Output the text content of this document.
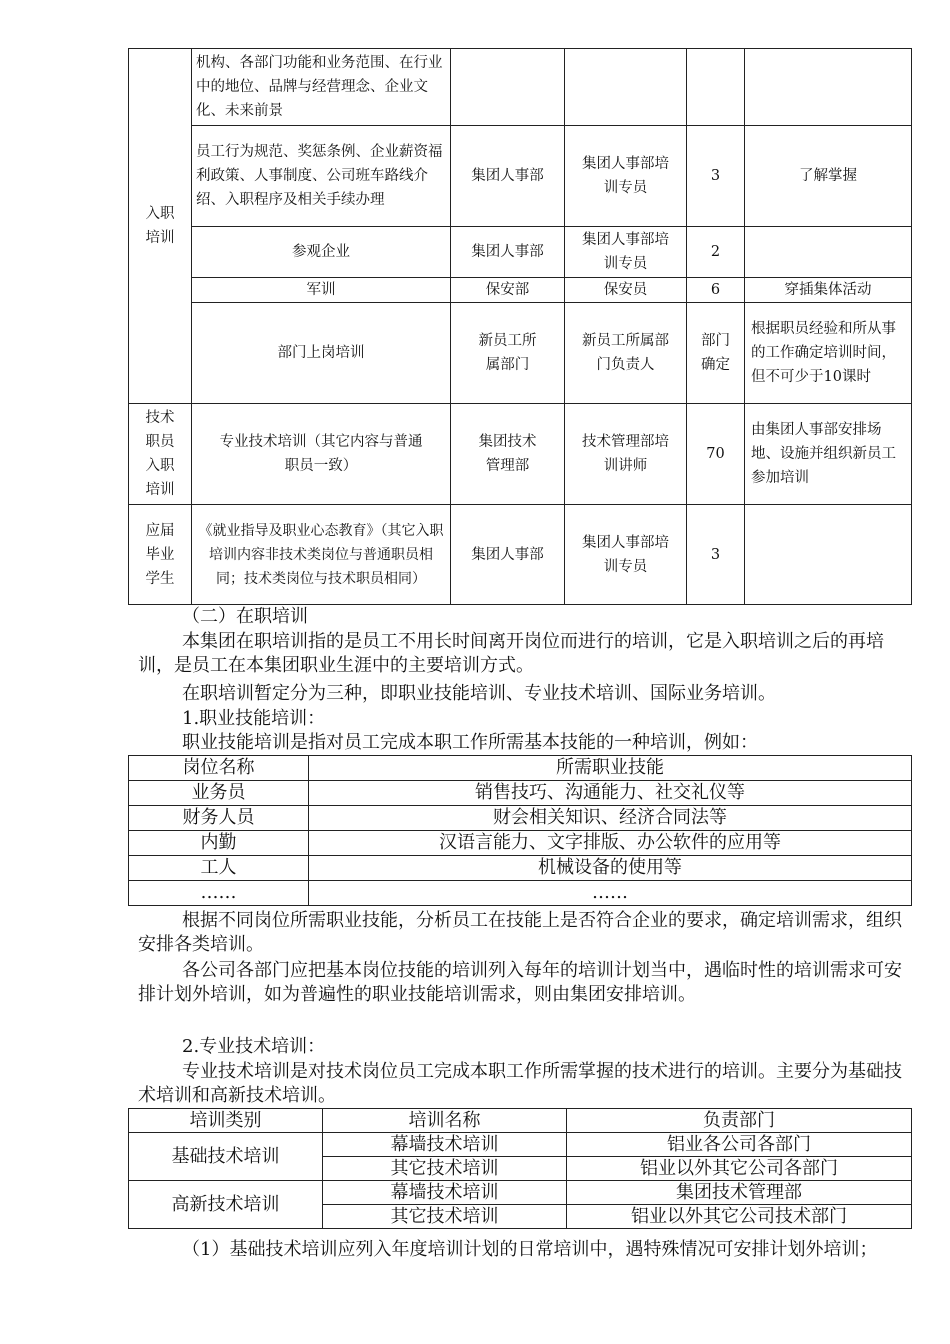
入职培训	机构、各部门功能和业务范围、在行业中的地位、品牌与经营理念、企业文化、未来前景				
	员工行为规范、奖惩条例、企业薪资福利政策、人事制度、公司班车路线介绍、入职程序及相关手续办理	集团人事部	集团人事部培训专员	3	了解掌握
	参观企业	集团人事部	集团人事部培训专员	2	
	军训	保安部	保安员	6	穿插集体活动
	部门上岗培训	新员工所属部门	新员工所属部门负责人	部门确定	根据职员经验和所从事的工作确定培训时间，但不可少于10课时
技术职员入职培训	专业技术培训（其它内容与普通职员一致）	集团技术管理部	技术管理部培训讲师	70	由集团人事部安排场地、设施并组织新员工参加培训
应届毕业学生	《就业指导及职业心态教育》（其它入职培训内容非技术类岗位与普通职员相同；技术类岗位与技术职员相同）	集团人事部	集团人事部培训专员	3	

（二）在职培训

本集团在职培训指的是员工不用长时间离开岗位而进行的培训，它是入职培训之后的再培训，是员工在本集团职业生涯中的主要培训方式。

在职培训暂定分为三种，即职业技能培训、专业技术培训、国际业务培训。

1.职业技能培训：

职业技能培训是指对员工完成本职工作所需基本技能的一种培训，例如：

岗位名称	所需职业技能
业务员	销售技巧、沟通能力、社交礼仪等
财务人员	财会相关知识、经济合同法等
内勤	汉语言能力、文字排版、办公软件的应用等
工人	机械设备的使用等
……	……

根据不同岗位所需职业技能，分析员工在技能上是否符合企业的要求，确定培训需求，组织安排各类培训。

各公司各部门应把基本岗位技能的培训列入每年的培训计划当中，遇临时性的培训需求可安排计划外培训，如为普遍性的职业技能培训需求，则由集团安排培训。

2.专业技术培训：

专业技术培训是对技术岗位员工完成本职工作所需掌握的技术进行的培训。主要分为基础技术培训和高新技术培训。

培训类别	培训名称	负责部门
基础技术培训	幕墙技术培训	铝业各公司各部门
	其它技术培训	铝业以外其它公司各部门
高新技术培训	幕墙技术培训	集团技术管理部
	其它技术培训	铝业以外其它公司技术部门

（1）基础技术培训应列入年度培训计划的日常培训中，遇特殊情况可安排计划外培训；
